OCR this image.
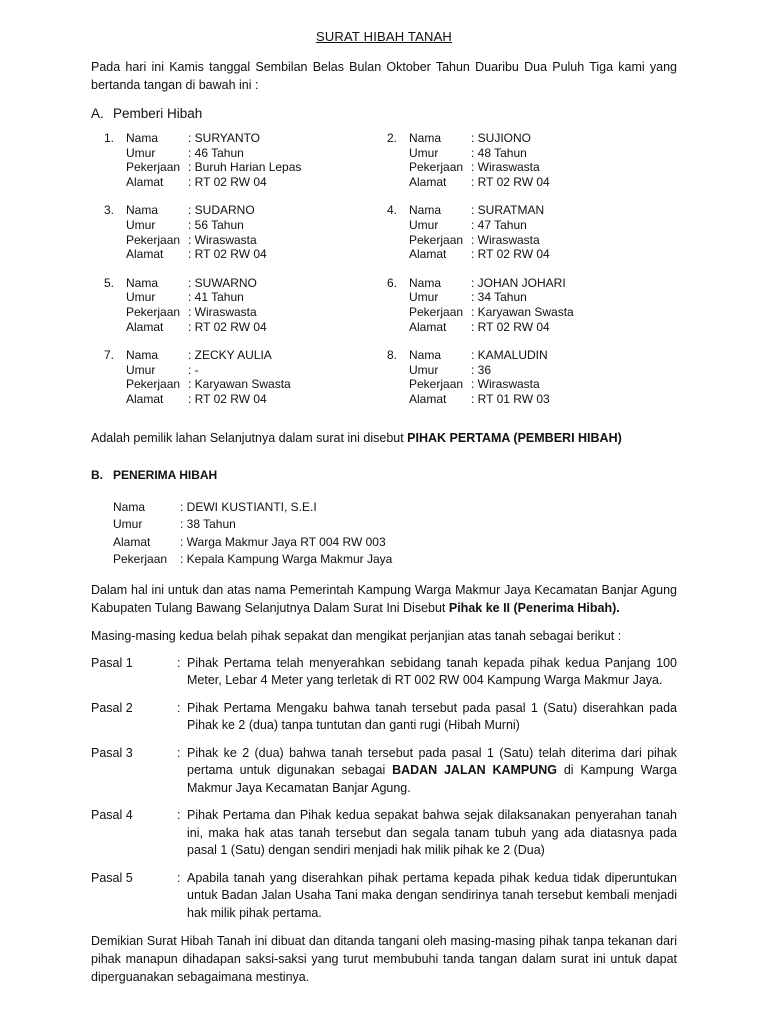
SURAT HIBAH TANAH

Pada hari ini Kamis tanggal Sembilan Belas Bulan Oktober Tahun Duaribu Dua Puluh Tiga kami yang bertanda tangan di bawah ini :

A. Pemberi Hibah
1. Nama	: SURYANTO
Umur	: 46 Tahun
Pekerjaan : Buruh Harian Lepas
Alamat	: RT 02 RW 04
2. Nama	: SUJIONO
Umur	: 48 Tahun
Pekerjaan : Wiraswasta
Alamat	: RT 02 RW 04
3. Nama	: SUDARNO
Umur	: 56 Tahun
Pekerjaan : Wiraswasta
Alamat	: RT 02 RW 04
4. Nama	: SURATMAN
Umur	: 47 Tahun
Pekerjaan : Wiraswasta
Alamat	: RT 02 RW 04
5. Nama	: SUWARNO
Umur	: 41 Tahun
Pekerjaan : Wiraswasta
Alamat	: RT 02 RW 04
6. Nama	: JOHAN JOHARI
Umur	: 34 Tahun
Pekerjaan : Karyawan Swasta
Alamat	: RT 02 RW 04
7. Nama	: ZECKY AULIA
Umur	: -
Pekerjaan : Karyawan Swasta
Alamat	: RT 02 RW 04
8. Nama	: KAMALUDIN
Umur	: 36
Pekerjaan : Wiraswasta
Alamat	: RT 01 RW 03

Adalah pemilik lahan Selanjutnya dalam surat ini disebut PIHAK PERTAMA (PEMBERI HIBAH)

B. PENERIMA HIBAH
Nama	: DEWI KUSTIANTI, S.E.I
Umur	: 38 Tahun
Alamat	: Warga Makmur Jaya RT 004 RW 003
Pekerjaan	: Kepala Kampung Warga Makmur Jaya

Dalam hal ini untuk dan atas nama Pemerintah Kampung Warga Makmur Jaya Kecamatan Banjar Agung Kabupaten Tulang Bawang Selanjutnya Dalam Surat Ini Disebut Pihak ke II (Penerima Hibah).

Masing-masing kedua belah pihak sepakat dan mengikat perjanjian atas tanah sebagai berikut :

Pasal 1	: Pihak Pertama telah menyerahkan sebidang tanah kepada pihak kedua Panjang 100 Meter, Lebar 4 Meter yang terletak di RT 002 RW 004 Kampung Warga Makmur Jaya.
Pasal 2	: Pihak Pertama Mengaku bahwa tanah tersebut pada pasal 1 (Satu) diserahkan pada Pihak ke 2 (dua) tanpa tuntutan dan ganti rugi (Hibah Murni)
Pasal 3	: Pihak ke 2 (dua) bahwa tanah tersebut pada pasal 1 (Satu) telah diterima dari pihak pertama untuk digunakan sebagai BADAN JALAN KAMPUNG di Kampung Warga Makmur Jaya Kecamatan Banjar Agung.
Pasal 4	: Pihak Pertama dan Pihak kedua sepakat bahwa sejak dilaksanakan penyerahan tanah ini, maka hak atas tanah tersebut dan segala tanam tubuh yang ada diatasnya pada pasal 1 (Satu) dengan sendiri menjadi hak milik pihak ke 2 (Dua)
Pasal 5	: Apabila tanah yang diserahkan pihak pertama kepada pihak kedua tidak diperuntukan untuk Badan Jalan Usaha Tani maka dengan sendirinya tanah tersebut kembali menjadi hak milik pihak pertama.

Demikian Surat Hibah Tanah ini dibuat dan ditanda tangani oleh masing-masing pihak tanpa tekanan dari pihak manapun dihadapan saksi-saksi yang turut membubuhi tanda tangan dalam surat ini untuk dapat diperguanakan sebagaimana mestinya.
